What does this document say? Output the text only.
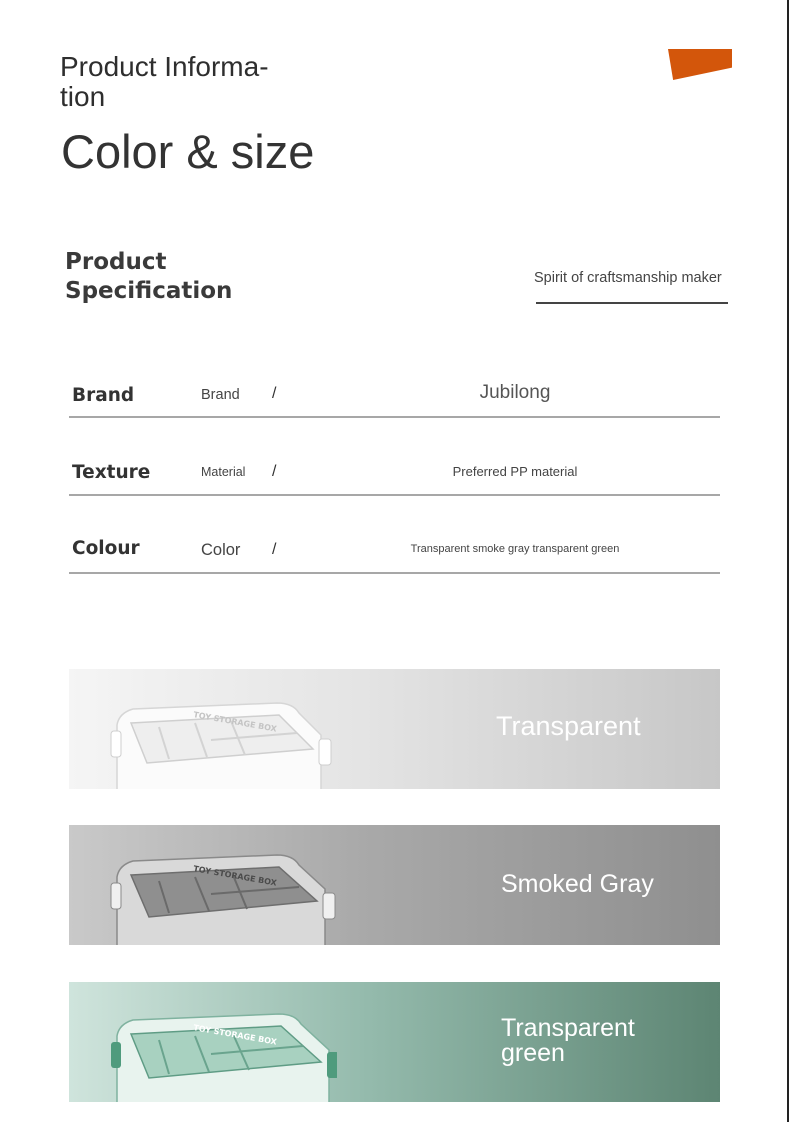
Product Informa-
tion
Color & size
Product
Specification	Spirit of craftsmanship maker
Brand	Brand /	Jubilong
Texture	Material /	Preferred PP material
Colour	Color /	Transparent smoke gray transparent green
TOY STORAGE BOX	Transparent
TOY STORAGE BOX	Smoked Gray
TOY STORAGE BOX	Transparent green
